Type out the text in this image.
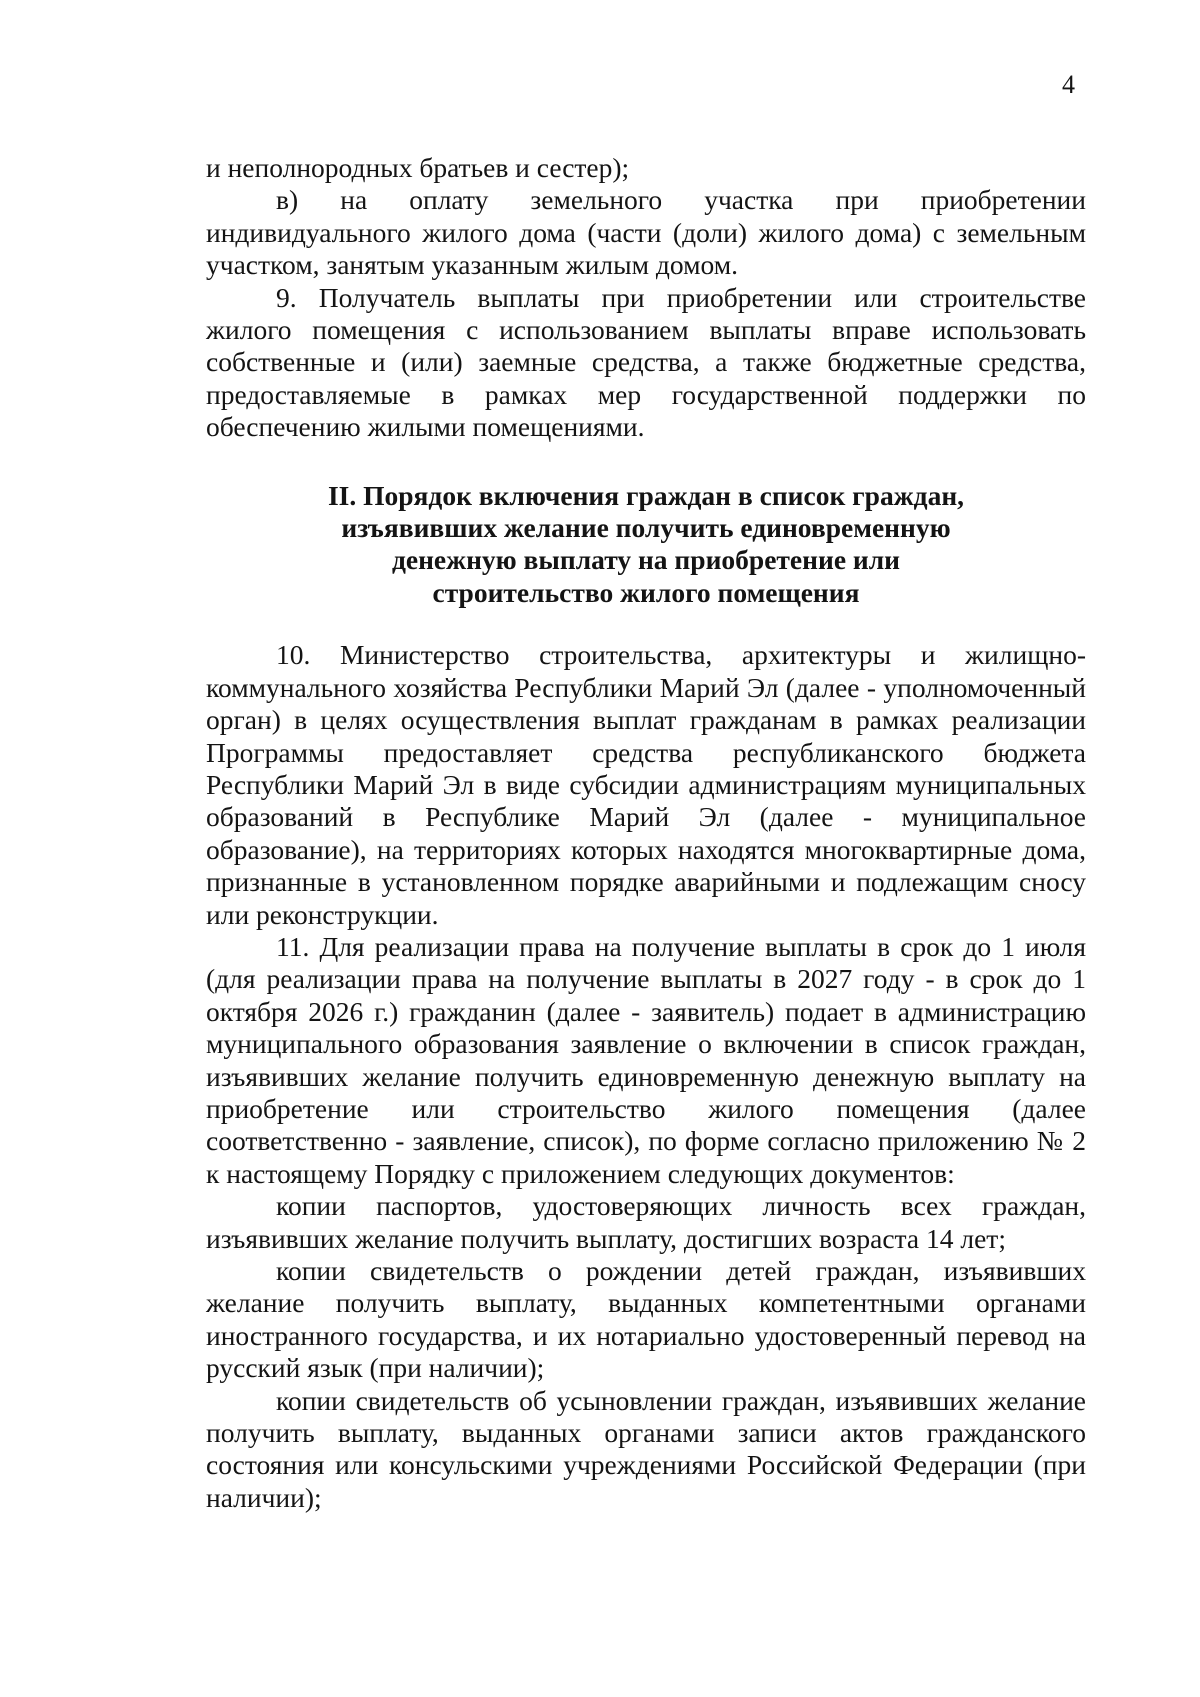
4

и неполнородных братьев и сестер);

в) на оплату земельного участка при приобретении индивидуального жилого дома (части (доли) жилого дома) с земельным участком, занятым указанным жилым домом.

9. Получатель выплаты при приобретении или строительстве жилого помещения с использованием выплаты вправе использовать собственные и (или) заемные средства, а также бюджетные средства, предоставляемые в рамках мер государственной поддержки по обеспечению жилыми помещениями.

II. Порядок включения граждан в список граждан,
изъявивших желание получить единовременную
денежную выплату на приобретение или
строительство жилого помещения

10. Министерство строительства, архитектуры и жилищно-коммунального хозяйства Республики Марий Эл (далее - уполномоченный орган) в целях осуществления выплат гражданам в рамках реализации Программы предоставляет средства республиканского бюджета Республики Марий Эл в виде субсидии администрациям муниципальных образований в Республике Марий Эл (далее - муниципальное образование), на территориях которых находятся многоквартирные дома, признанные в установленном порядке аварийными и подлежащим сносу или реконструкции.

11. Для реализации права на получение выплаты в срок до 1 июля (для реализации права на получение выплаты в 2027 году - в срок до 1 октября 2026 г.) гражданин (далее - заявитель) подает в администрацию муниципального образования заявление о включении в список граждан, изъявивших желание получить единовременную денежную выплату на приобретение или строительство жилого помещения (далее соответственно - заявление, список), по форме согласно приложению № 2 к настоящему Порядку с приложением следующих документов:

копии паспортов, удостоверяющих личность всех граждан, изъявивших желание получить выплату, достигших возраста 14 лет;

копии свидетельств о рождении детей граждан, изъявивших желание получить выплату, выданных компетентными органами иностранного государства, и их нотариально удостоверенный перевод на русский язык (при наличии);

копии свидетельств об усыновлении граждан, изъявивших желание получить выплату, выданных органами записи актов гражданского состояния или консульскими учреждениями Российской Федерации (при наличии);
